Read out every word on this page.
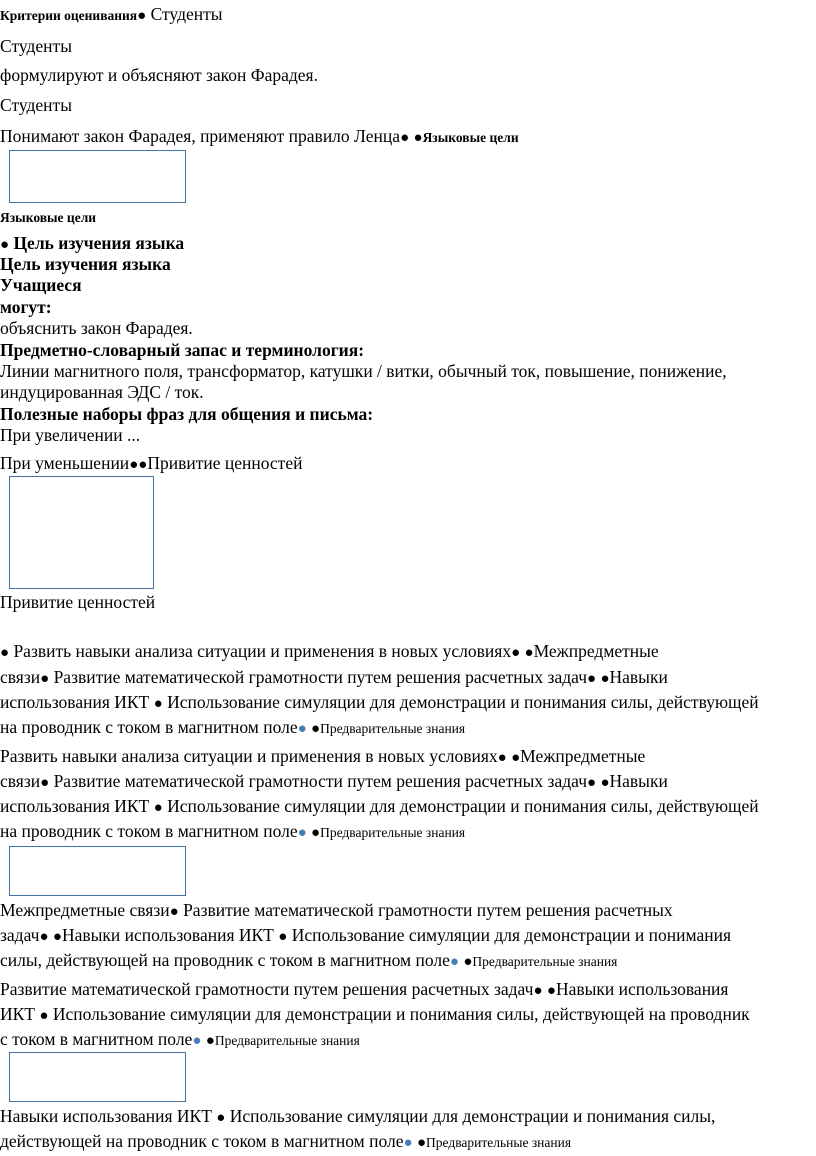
Критерии оценивания● Студенты
Студенты
формулируют и объясняют закон Фарадея.
Студенты
Понимают закон Фарадея, применяют правило Ленца● ●Языковые цели
Языковые цели
● Цель изучения языка
Цель изучения языка
Учащиеся
могут:
объяснить закон Фарадея.
Предметно-словарный запас и терминология:
Линии магнитного поля, трансформатор, катушки / витки, обычный ток, повышение, понижение,
индуцированная ЭДС / ток.
Полезные наборы фраз для общения и письма:
При увеличении ...
При уменьшении●●Привитие ценностей
Привитие ценностей
● Развить навыки анализа ситуации и применения в новых условиях● ●Межпредметные
связи● Развитие математической грамотности путем решения расчетных задач● ●Навыки
использования ИКТ ● Использование симуляции для демонстрации и понимания силы, действующей
на проводник с током в магнитном поле● ●Предварительные знания
Развить навыки анализа ситуации и применения в новых условиях● ●Межпредметные
связи● Развитие математической грамотности путем решения расчетных задач● ●Навыки
использования ИКТ ● Использование симуляции для демонстрации и понимания силы, действующей
на проводник с током в магнитном поле● ●Предварительные знания
Межпредметные связи● Развитие математической грамотности путем решения расчетных
задач● ●Навыки использования ИКТ ● Использование симуляции для демонстрации и понимания
силы, действующей на проводник с током в магнитном поле● ●Предварительные знания
Развитие математической грамотности путем решения расчетных задач● ●Навыки использования
ИКТ ● Использование симуляции для демонстрации и понимания силы, действующей на проводник
с током в магнитном поле● ●Предварительные знания
Навыки использования ИКТ ● Использование симуляции для демонстрации и понимания силы,
действующей на проводник с током в магнитном поле● ●Предварительные знания
